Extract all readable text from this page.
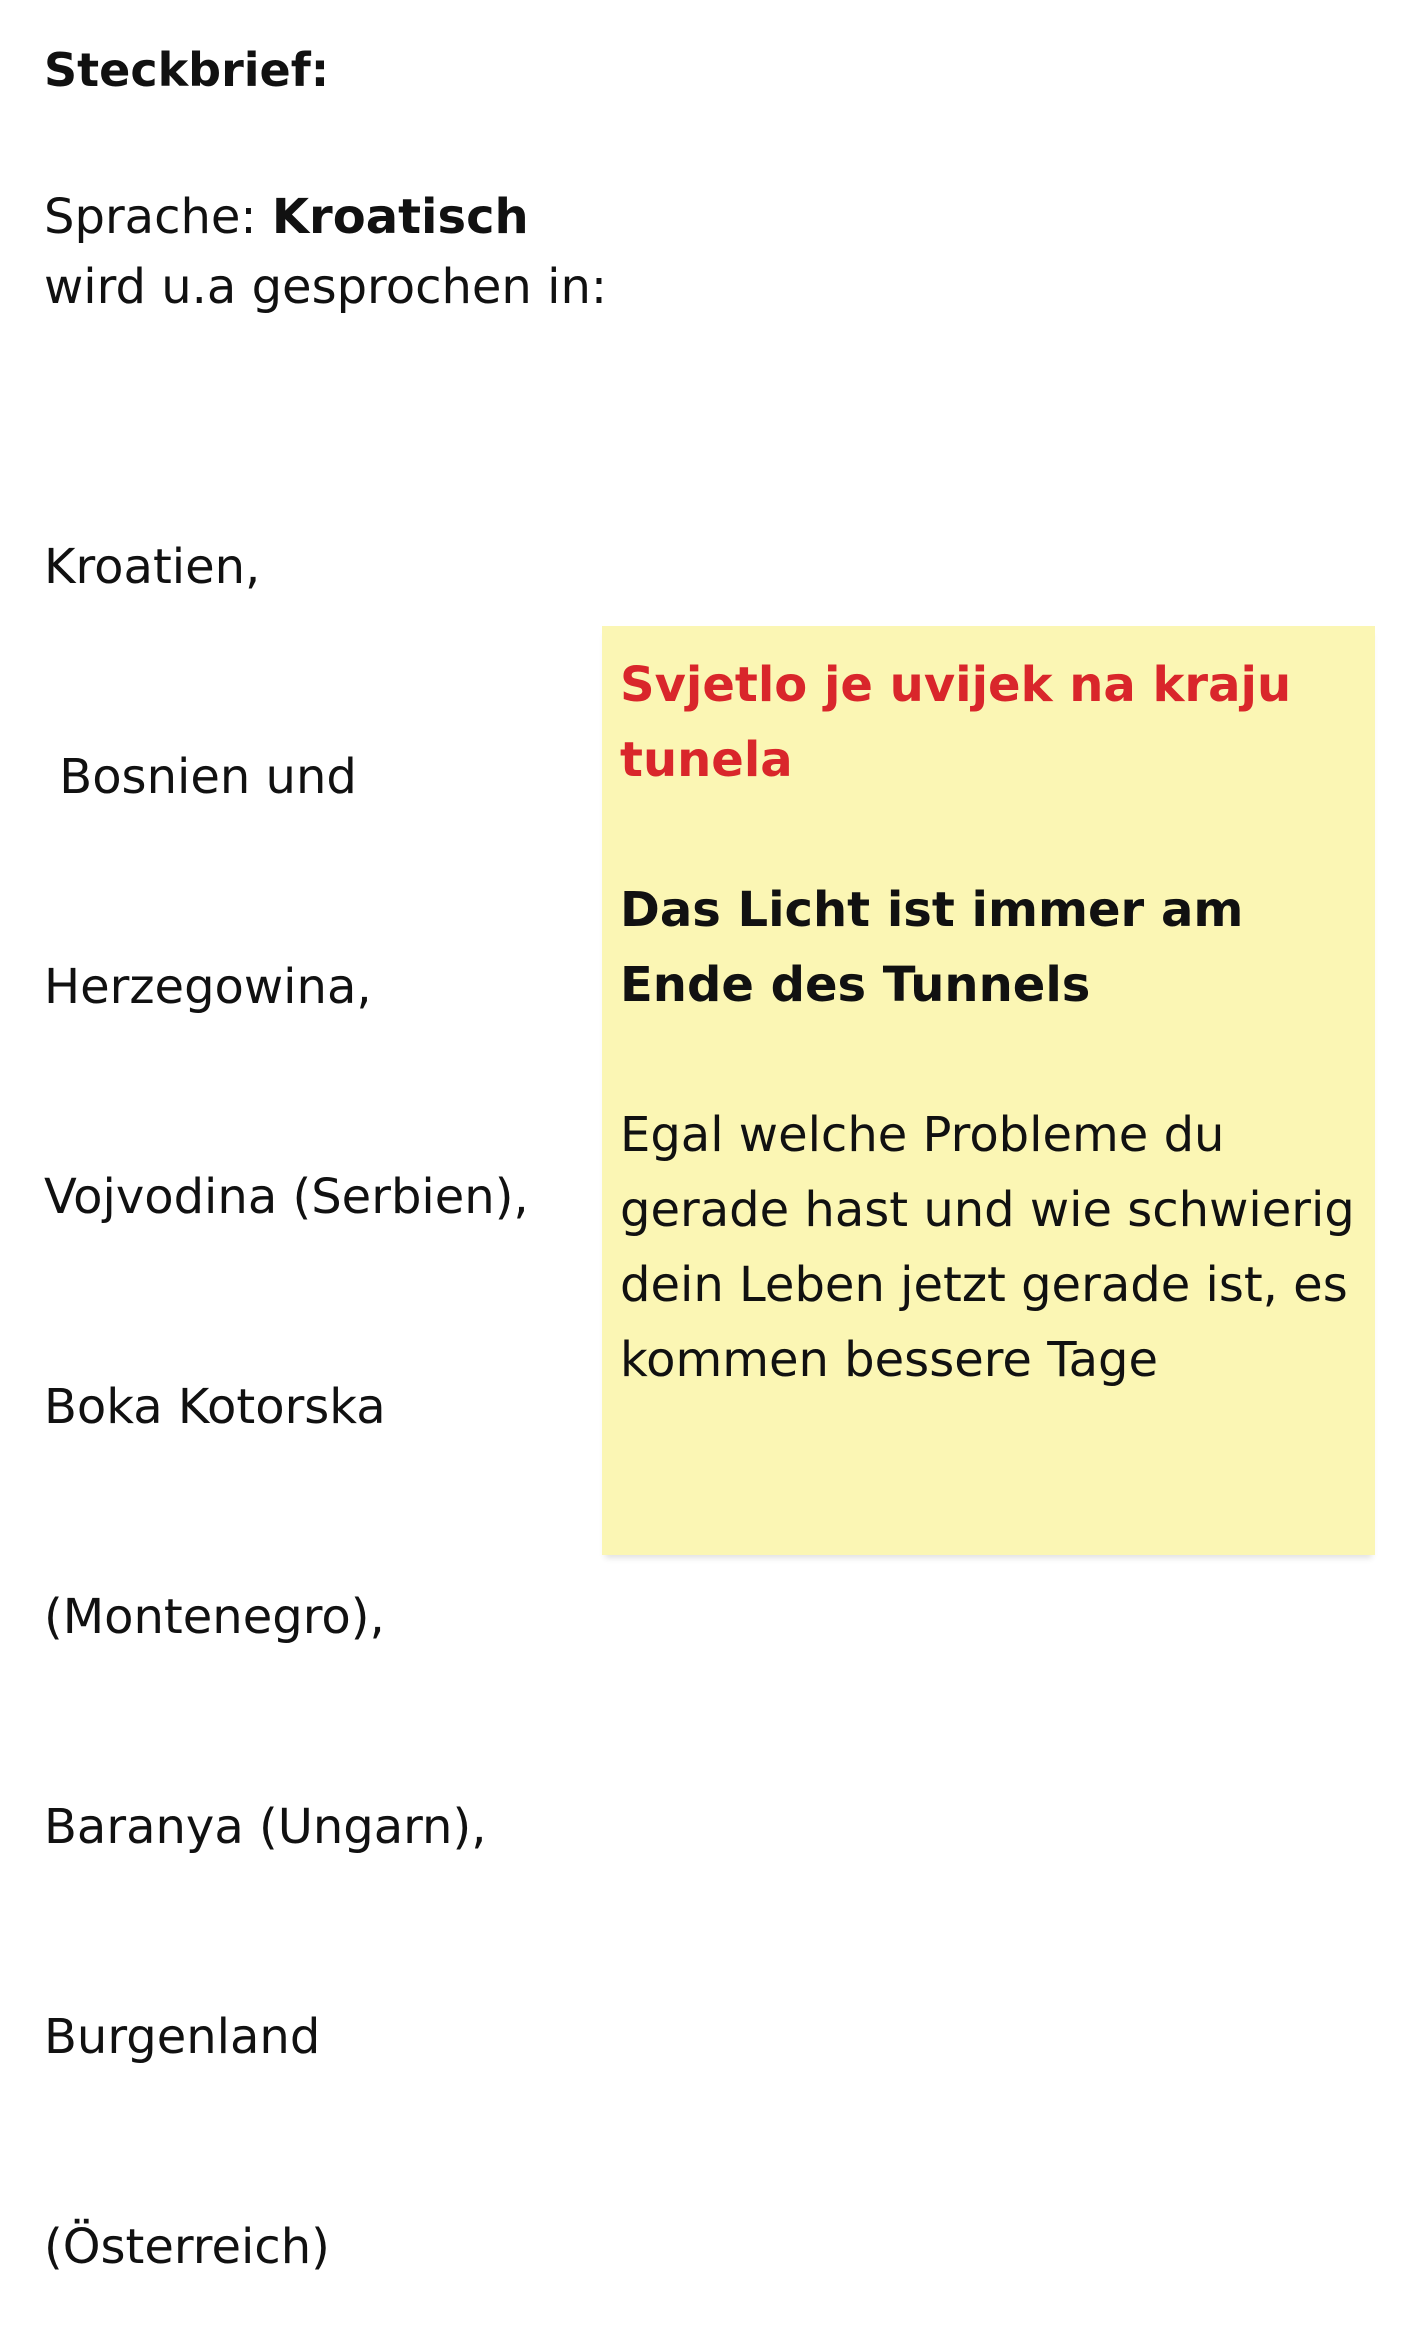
Steckbrief:
Sprache: Kroatisch
wird u.a gesprochen in:

Kroatien,

Bosnien und

Herzegowina,

Vojvodina (Serbien),

Boka Kotorska

(Montenegro),

Baranya (Ungarn),

Burgenland

(Österreich)

Svjetlo je uvijek na kraju tunela

Das Licht ist immer am Ende des Tunnels

Egal welche Probleme du gerade hast und wie schwierig dein Leben jetzt gerade ist, es kommen bessere Tage
